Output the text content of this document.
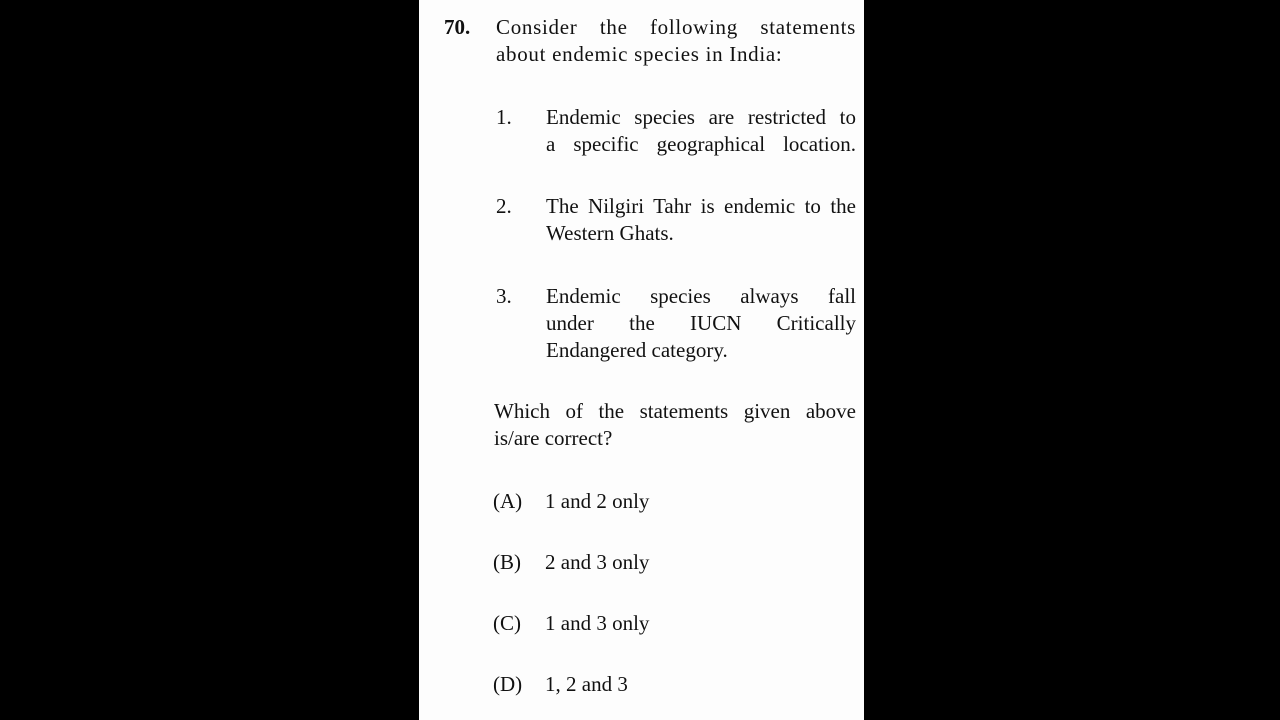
70. Consider the following statements
about endemic species in India:
1. Endemic species are restricted to
a specific geographical location.
2. The Nilgiri Tahr is endemic to the
Western Ghats.
3. Endemic species always fall
under the IUCN Critically
Endangered category.
Which of the statements given above
is/are correct?
(A) 1 and 2 only
(B) 2 and 3 only
(C) 1 and 3 only
(D) 1, 2 and 3
